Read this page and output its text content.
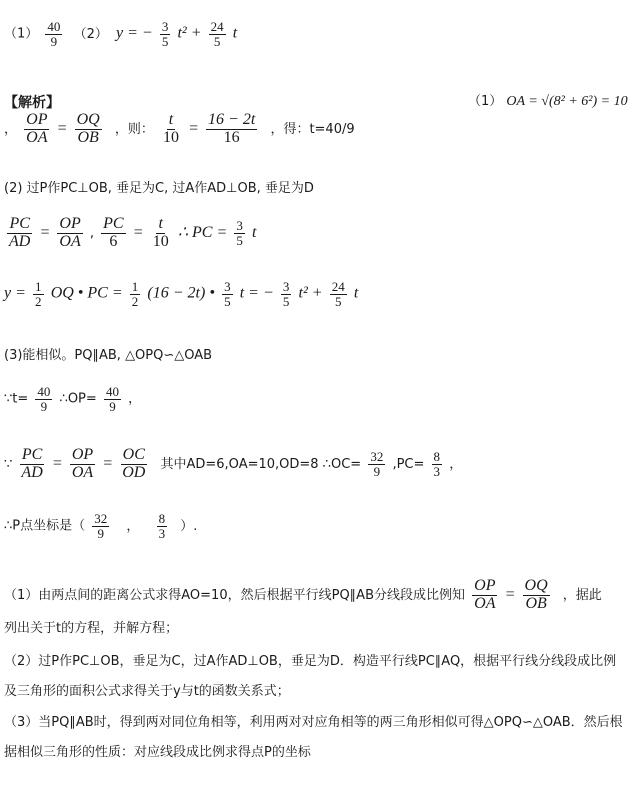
$(1) \frac{40}{9} (2) y$ = − $\frac{3}{5} t^2 + \frac{24}{5}$ t
【解析】	（1） OA = √(8² + 6²) = 10
， $\frac{OP}{OA} = \frac{OQ}{OB}$ ，则： $\frac{t}{10} = \frac{16 - 2t}{16}$ ，得：t=40/9
(2) 过P作PC⊥OB, 垂足为C, 过A作AD⊥OB, 垂足为D
$\frac{PC}{AD} = \frac{OP}{OA}$ , $\frac{PC}{6} = \frac{t}{10}$ ∴ PC = $\frac{3}{5}$ t
$y = \frac{1}{2}$ OQ • PC = $\frac{1}{2} (16 - 2t)$ • $\frac{3}{5}$ t = − $\frac{3}{5} t^2 + \frac{24}{5}$ t
(3)能相似。PQ∥AB, △OPQ∽△OAB
∵t= $\frac{40}{9}$ ∴OP= $\frac{40}{9}$ ，
∵ $\frac{PC}{AD} = \frac{OP}{OA} = \frac{OC}{OD}$ 其中AD=6,OA=10,OD=8 ∴OC= $\frac{32}{9} ,PC= \frac{8}{3}$ ，
∴P点坐标是（ $\frac{32}{9}$ ， $\frac{8}{3}$ ）.
（1）由两点间的距离公式求得AO=10，然后根据平行线PQ∥AB分线段成比例知 $\frac{OP}{OA} = \frac{OQ}{OB}$ ，据此
列出关于t的方程，并解方程；
（2）过P作PC⊥OB，垂足为C，过A作AD⊥OB，垂足为D．构造平行线PC∥AQ，根据平行线分线段成比例及三角形的面积公式求得关于y与t的函数关系式；
（3）当PQ∥AB时，得到两对同位角相等，利用两对对应角相等的两三角形相似可得△OPQ∽△OAB．然后根据相似三角形的性质：对应线段成比例求得点P的坐标
